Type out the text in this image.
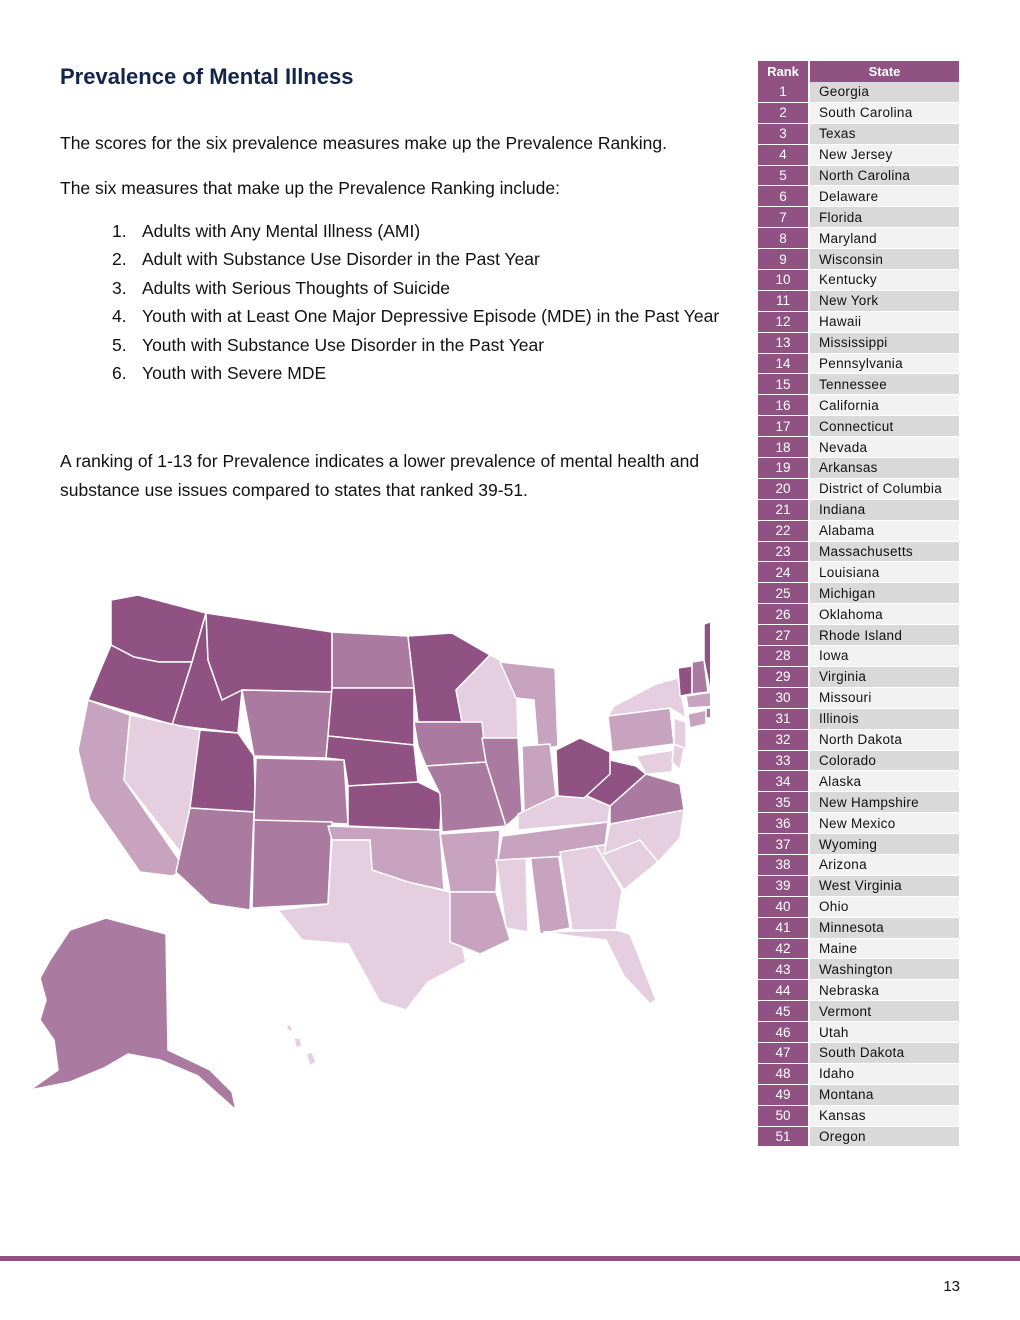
Prevalence of Mental Illness

The scores for the six prevalence measures make up the Prevalence Ranking.

The six measures that make up the Prevalence Ranking include:

1. Adults with Any Mental Illness (AMI)
2. Adult with Substance Use Disorder in the Past Year
3. Adults with Serious Thoughts of Suicide
4. Youth with at Least One Major Depressive Episode (MDE) in the Past Year
5. Youth with Substance Use Disorder in the Past Year
6. Youth with Severe MDE

A ranking of 1-13 for Prevalence indicates a lower prevalence of mental health and substance use issues compared to states that ranked 39-51.

Rank	State
1	Georgia
2	South Carolina
3	Texas
4	New Jersey
5	North Carolina
6	Delaware
7	Florida
8	Maryland
9	Wisconsin
10	Kentucky
11	New York
12	Hawaii
13	Mississippi
14	Pennsylvania
15	Tennessee
16	California
17	Connecticut
18	Nevada
19	Arkansas
20	District of Columbia
21	Indiana
22	Alabama
23	Massachusetts
24	Louisiana
25	Michigan
26	Oklahoma
27	Rhode Island
28	Iowa
29	Virginia
30	Missouri
31	Illinois
32	North Dakota
33	Colorado
34	Alaska
35	New Hampshire
36	New Mexico
37	Wyoming
38	Arizona
39	West Virginia
40	Ohio
41	Minnesota
42	Maine
43	Washington
44	Nebraska
45	Vermont
46	Utah
47	South Dakota
48	Idaho
49	Montana
50	Kansas
51	Oregon
13
